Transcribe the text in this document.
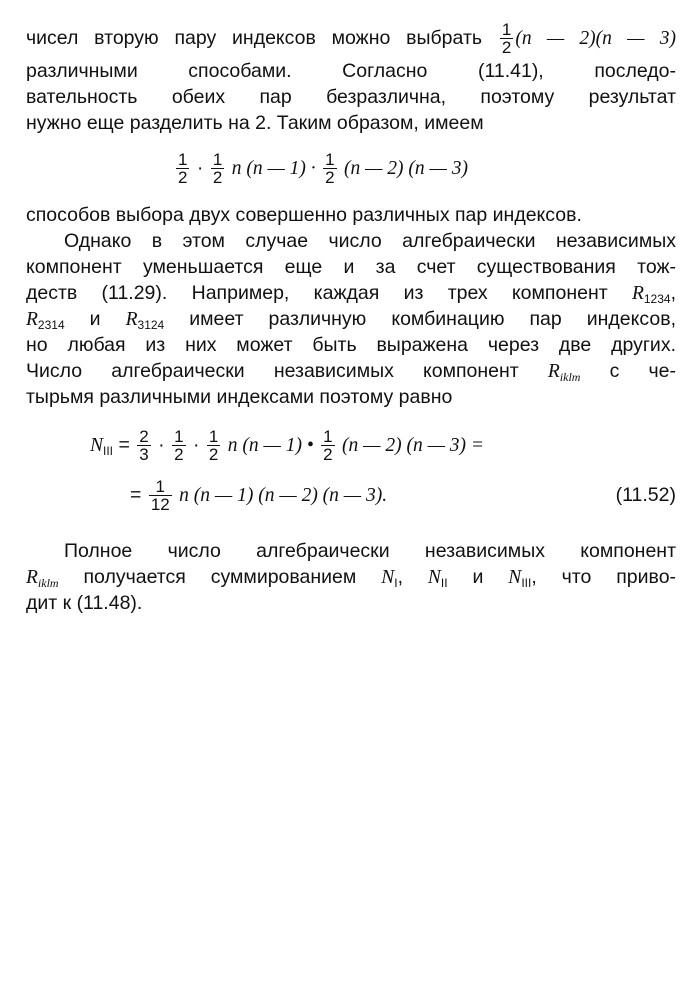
чисел вторую пару индексов можно выбрать $\frac{1}{2} (n$ — 2)(n — 3)
различными способами. Согласно (11.41), последо-
вательность обеих пар безразлична, поэтому результат
нужно еще разделить на 2. Таким образом, имеем
$\frac{1}{2} \cdot \frac{1}{2}$ n (n — $1) \cdot \frac{1}{2} (n$ — 2) (n — 3)
способов выбора двух совершенно различных пар индексов.
Однако в этом случае число алгебраически независимых
компонент уменьшается еще и за счет существования тож-
деств (11.29). Например, каждая из трех компонент $R_{1234}$,
$R_{2314}$ и $R_{3124}$ имеет различную комбинацию пар индексов,
но любая из них может быть выражена через две других.
Число алгебраически независимых компонент $R_{iklm}$ с че-
тырьмя различными индексами поэтому равно
$N_{III} = \frac{2}{3} \cdot \frac{1}{2} \cdot \frac{1}{2}$ n (n — 1) • $\frac{1}{2} (n$ — 2) (n — 3) =
= $\frac{1}{12}$ n (n — 1) (n — 2) (n — 3).	(11.52)
Полное число алгебраически независимых компонент
$R_{iklm}$ получается суммированием $N_I$, $N_{II}$ и $N_{III}$, что приво-
дит к (11.48).
